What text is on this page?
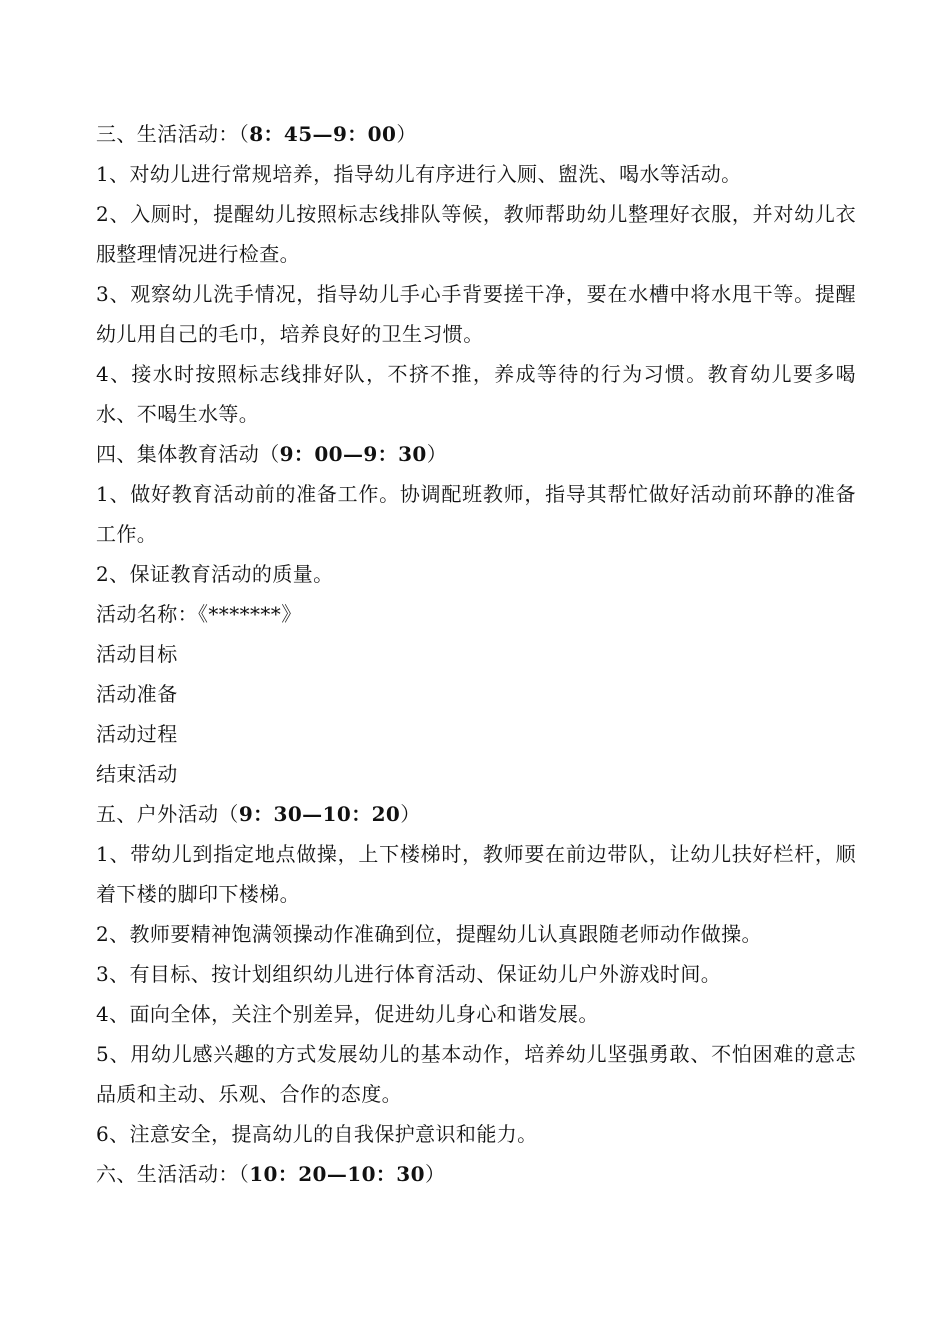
三、生活活动：（8：45—9：00）
1、对幼儿进行常规培养，指导幼儿有序进行入厕、盥洗、喝水等活动。
2、入厕时，提醒幼儿按照标志线排队等候，教师帮助幼儿整理好衣服，并对幼儿衣服整理情况进行检查。
3、观察幼儿洗手情况，指导幼儿手心手背要搓干净，要在水槽中将水甩干等。提醒幼儿用自己的毛巾，培养良好的卫生习惯。
4、接水时按照标志线排好队，不挤不推，养成等待的行为习惯。教育幼儿要多喝水、不喝生水等。
四、集体教育活动（9：00—9：30）
1、做好教育活动前的准备工作。协调配班教师，指导其帮忙做好活动前环静的准备工作。
2、保证教育活动的质量。
活动名称：《*******》
活动目标
活动准备
活动过程
结束活动
五、户外活动（9：30—10：20）
1、带幼儿到指定地点做操，上下楼梯时，教师要在前边带队，让幼儿扶好栏杆，顺着下楼的脚印下楼梯。
2、教师要精神饱满领操动作准确到位，提醒幼儿认真跟随老师动作做操。
3、有目标、按计划组织幼儿进行体育活动、保证幼儿户外游戏时间。
4、面向全体，关注个别差异，促进幼儿身心和谐发展。
5、用幼儿感兴趣的方式发展幼儿的基本动作，培养幼儿坚强勇敢、不怕困难的意志品质和主动、乐观、合作的态度。
6、注意安全，提高幼儿的自我保护意识和能力。
六、生活活动：（10：20—10：30）
